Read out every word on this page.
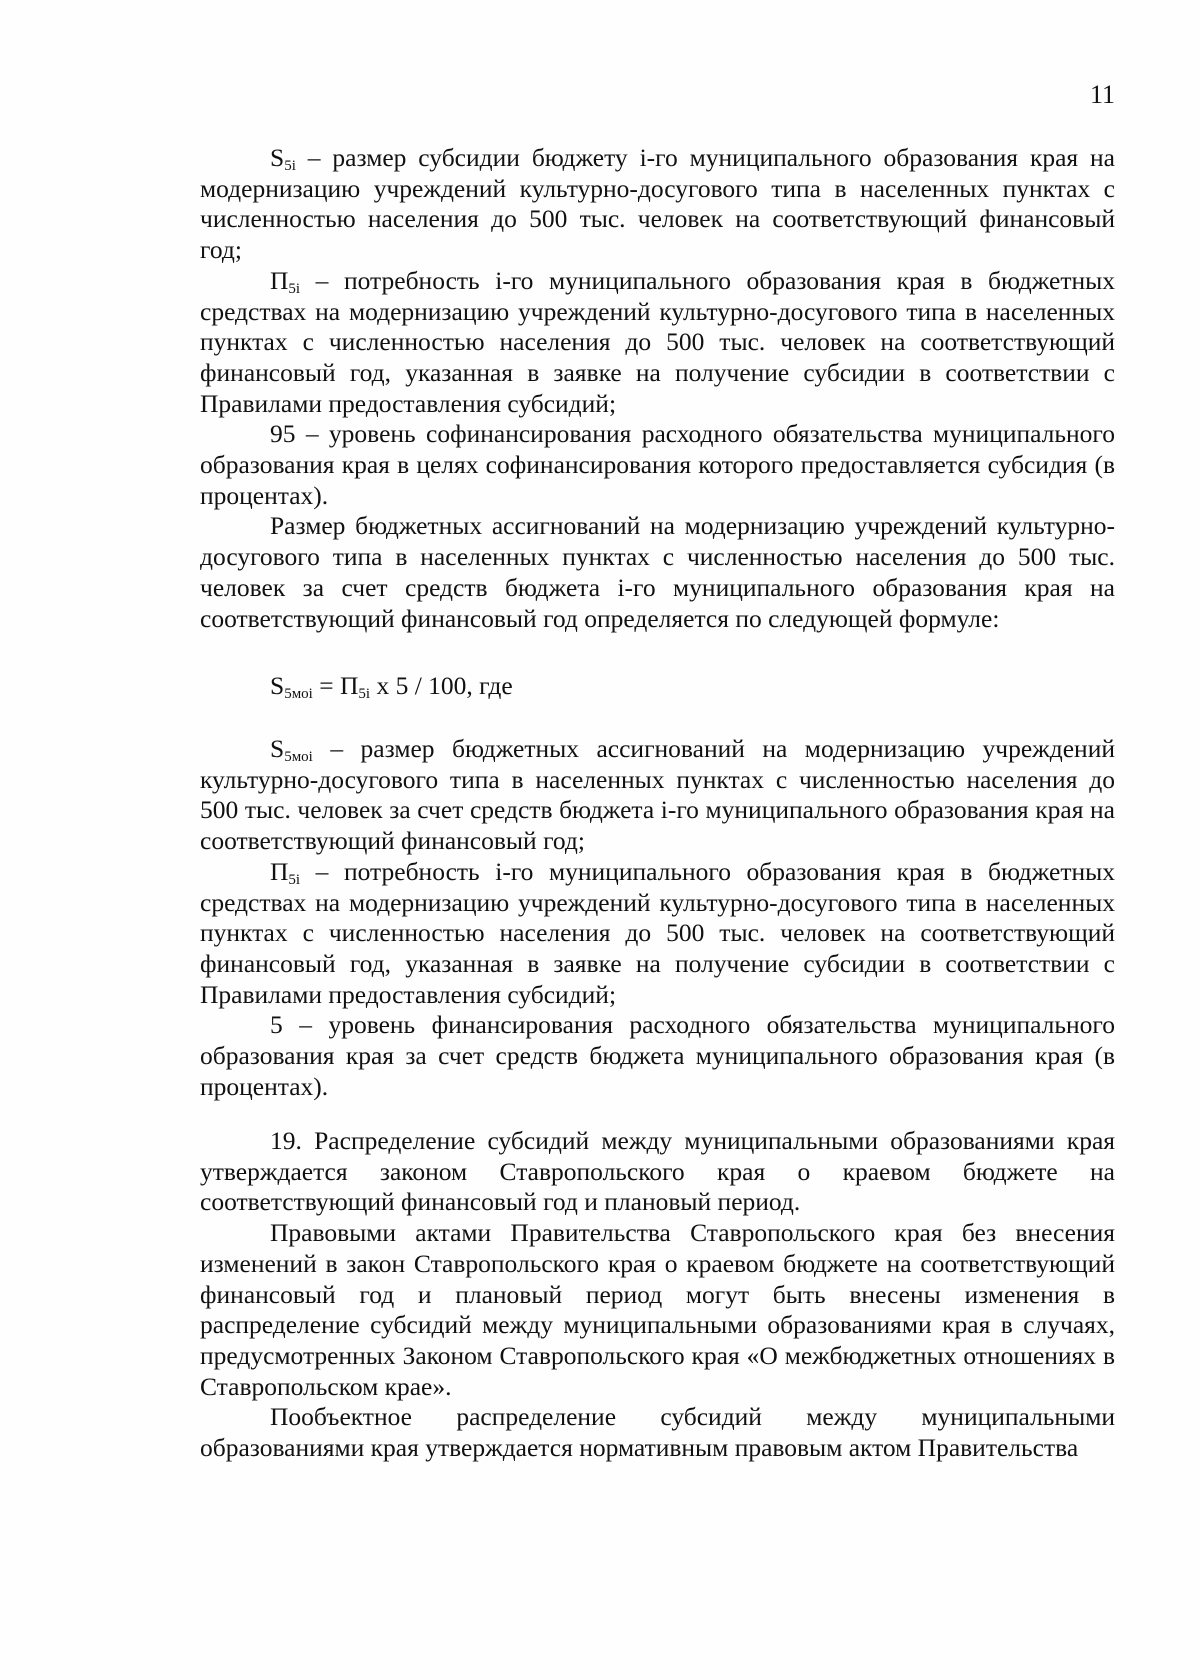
11

$S_{5i}$ – размер субсидии бюджету i-го муниципального образования края на модернизацию учреждений культурно-досугового типа в населенных пунктах с численностью населения до 500 тыс. человек на соответствующий финансовый год;

$П_{5i}$ – потребность i-го муниципального образования края в бюджетных средствах на модернизацию учреждений культурно-досугового типа в населенных пунктах с численностью населения до 500 тыс. человек на соответствующий финансовый год, указанная в заявке на получение субсидии в соответствии с Правилами предоставления субсидий;

95 – уровень софинансирования расходного обязательства муниципального образования края в целях софинансирования которого предоставляется субсидия (в процентах).

Размер бюджетных ассигнований на модернизацию учреждений культурно-досугового типа в населенных пунктах с численностью населения до 500 тыс. человек за счет средств бюджета i-го муниципального образования края на соответствующий финансовый год определяется по следующей формуле:

$S_{5моi} = П_{5i}$ x 5 / 100, где

$S_{5моi}$ – размер бюджетных ассигнований на модернизацию учреждений культурно-досугового типа в населенных пунктах с численностью населения до 500 тыс. человек за счет средств бюджета i-го муниципального образования края на соответствующий финансовый год;

$П_{5i}$ – потребность i-го муниципального образования края в бюджетных средствах на модернизацию учреждений культурно-досугового типа в населенных пунктах с численностью населения до 500 тыс. человек на соответствующий финансовый год, указанная в заявке на получение субсидии в соответствии с Правилами предоставления субсидий;

5 – уровень финансирования расходного обязательства муниципального образования края за счет средств бюджета муниципального образования края (в процентах).

19. Распределение субсидий между муниципальными образованиями края утверждается законом Ставропольского края о краевом бюджете на соответствующий финансовый год и плановый период.

Правовыми актами Правительства Ставропольского края без внесения изменений в закон Ставропольского края о краевом бюджете на соответствующий финансовый год и плановый период могут быть внесены изменения в распределение субсидий между муниципальными образованиями края в случаях, предусмотренных Законом Ставропольского края «О межбюджетных отношениях в Ставропольском крае».

Пообъектное распределение субсидий между муниципальными образованиями края утверждается нормативным правовым актом Правительства
